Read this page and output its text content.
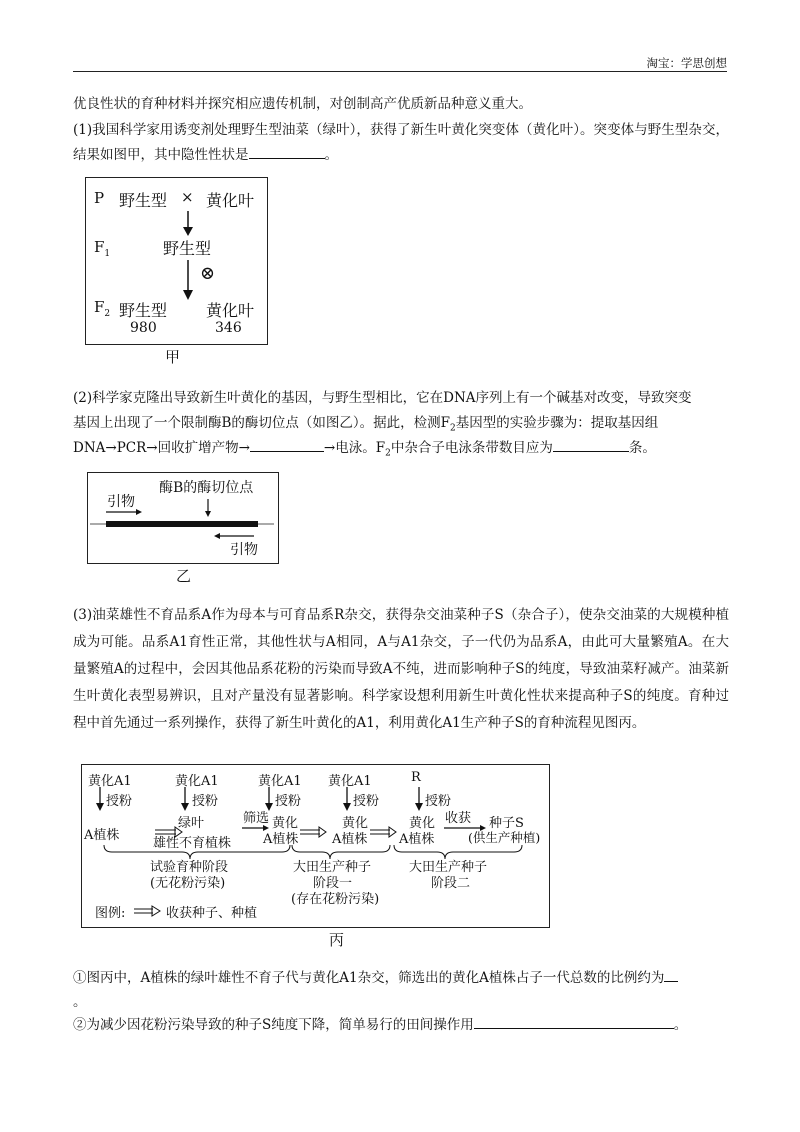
淘宝：学思创想

优良性状的育种材料并探究相应遗传机制，对创制高产优质新品种意义重大。

(1)我国科学家用诱变剂处理野生型油菜（绿叶），获得了新生叶黄化突变体（黄化叶）。突变体与野生型杂交，结果如图甲，其中隐性性状是	。

P 野生型 × 黄化叶
$F_1$	野生型
⊗
$F_2$ 野生型 黄化叶
980	346
甲

(2)科学家克隆出导致新生叶黄化的基因，与野生型相比，它在DNA序列上有一个碱基对改变，导致突变

基因上出现了一个限制酶B的酶切位点（如图乙）。据此，检测$F_2$基因型的实验步骤为：提取基因组

DNA→PCR→回收扩增产物→	→电泳。$F_2$中杂合子电泳条带数目应为	条。

酶B的酶切位点
引物
引物
乙

(3)油菜雄性不育品系A作为母本与可育品系R杂交，获得杂交油菜种子S（杂合子），使杂交油菜的大规模种植成为可能。品系A1育性正常，其他性状与A相同，A与A1杂交，子一代仍为品系A，由此可大量繁殖A。在大量繁殖A的过程中，会因其他品系花粉的污染而导致A不纯，进而影响种子S的纯度，导致油菜籽减产。油菜新生叶黄化表型易辨识，且对产量没有显著影响。科学家设想利用新生叶黄化性状来提高种子S的纯度。育种过程中首先通过一系列操作，获得了新生叶黄化的A1，利用黄化A1生产种子S的育种流程见图丙。

黄化A1	黄化A1	黄化A1 黄化A1	R
授粉	授粉	授粉	授粉	授粉
A植株
绿叶
雄性不育植株
筛选 黄化
A植株
黄化
A植株
黄化
A植株
收获 种子S
(供生产种植)
试验育种阶段
(无花粉污染)
大田生产种子
阶段一
(存在花粉污染)
大田生产种子
阶段二
图例:	收获种子、种植
丙

①图丙中，A植株的绿叶雄性不育子代与黄化A1杂交，筛选出的黄化A植株占子一代总数的比例约为

。

②为减少因花粉污染导致的种子S纯度下降，简单易行的田间操作用	。
